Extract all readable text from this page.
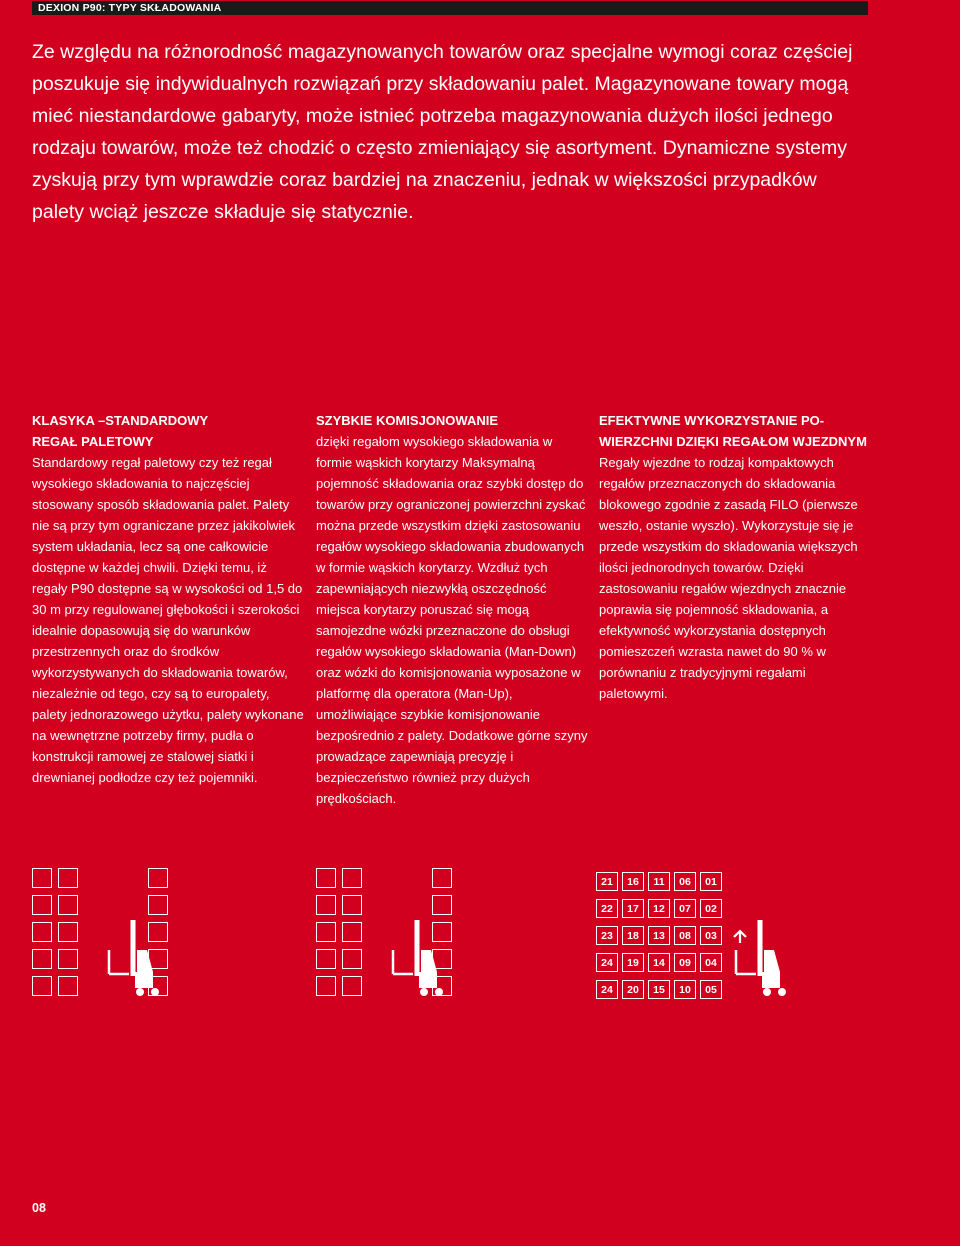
DEXION P90: TYPY SKŁADOWANIA

Ze względu na różnorodność magazynowanych towarów oraz specjalne wymogi coraz częściej poszukuje się indywidualnych rozwiązań przy składowaniu palet. Magazynowane towary mogą mieć niestandardowe gabaryty, może istnieć potrzeba magazynowania dużych ilości jednego rodzaju towarów, może też chodzić o często zmieniający się asortyment. Dynamiczne systemy zyskują przy tym wprawdzie coraz bardziej na znaczeniu, jednak w większości przypadków palety wciąż jeszcze składuje się statycznie.

KLASYKA –STANDARDOWY
REGAŁ PALETOWY

Standardowy regał paletowy czy też regał wysokiego składowania to najczęściej stosowany sposób składowania palet. Palety nie są przy tym ograniczane przez jakikolwiek system układania, lecz są one całkowicie dostępne w każdej chwili. Dzięki temu, iż regały P90 dostępne są w wysokości od 1,5 do 30 m przy regulowanej głębokości i szerokości idealnie dopasowują się do warunków przestrzennych oraz do środków wykorzystywanych do składowania towarów, niezależnie od tego, czy są to europalety, palety jednorazowego użytku, palety wykonane na wewnętrzne potrzeby firmy, pudła o konstrukcji ramowej ze stalowej siatki i drewnianej podłodze czy też pojemniki.

SZYBKIE KOMISJONOWANIE

dzięki regałom wysokiego składowania w formie wąskich korytarzy Maksymalną pojemność składowania oraz szybki dostęp do towarów przy ograniczonej powierzchni zyskać można przede wszystkim dzięki zastosowaniu regałów wysokiego składowania zbudowanych w formie wąskich korytarzy. Wzdłuż tych zapewniających niezwykłą oszczędność miejsca korytarzy poruszać się mogą samojezdne wózki przeznaczone do obsługi regałów wysokiego składowania (Man-Down) oraz wózki do komisjonowania wyposażone w platformę dla operatora (Man-Up), umożliwiające szybkie komisjonowanie bezpośrednio z palety. Dodatkowe górne szyny prowadzące zapewniają precyzję i bezpieczeństwo również przy dużych prędkościach.

EFEKTYWNE WYKORZYSTANIE PO-
WIERZCHNI DZIĘKI REGAŁOM WJEZDNYM

Regały wjezdne to rodzaj kompaktowych regałów przeznaczonych do składowania blokowego zgodnie z zasadą FILO (pierwsze weszło, ostanie wyszło). Wykorzystuje się je przede wszystkim do składowania większych ilości jednorodnych towarów. Dzięki zastosowaniu regałów wjezdnych znacznie poprawia się pojemność składowania, a efektywność wykorzystania dostępnych pomieszczeń wzrasta nawet do 90 % w porównaniu z tradycyjnymi regałami paletowymi.

21	16	11	06	01
22	17	12	07	02
23	18	13	08	03
24	19	14	09	04
24	20	15	10	05
08
